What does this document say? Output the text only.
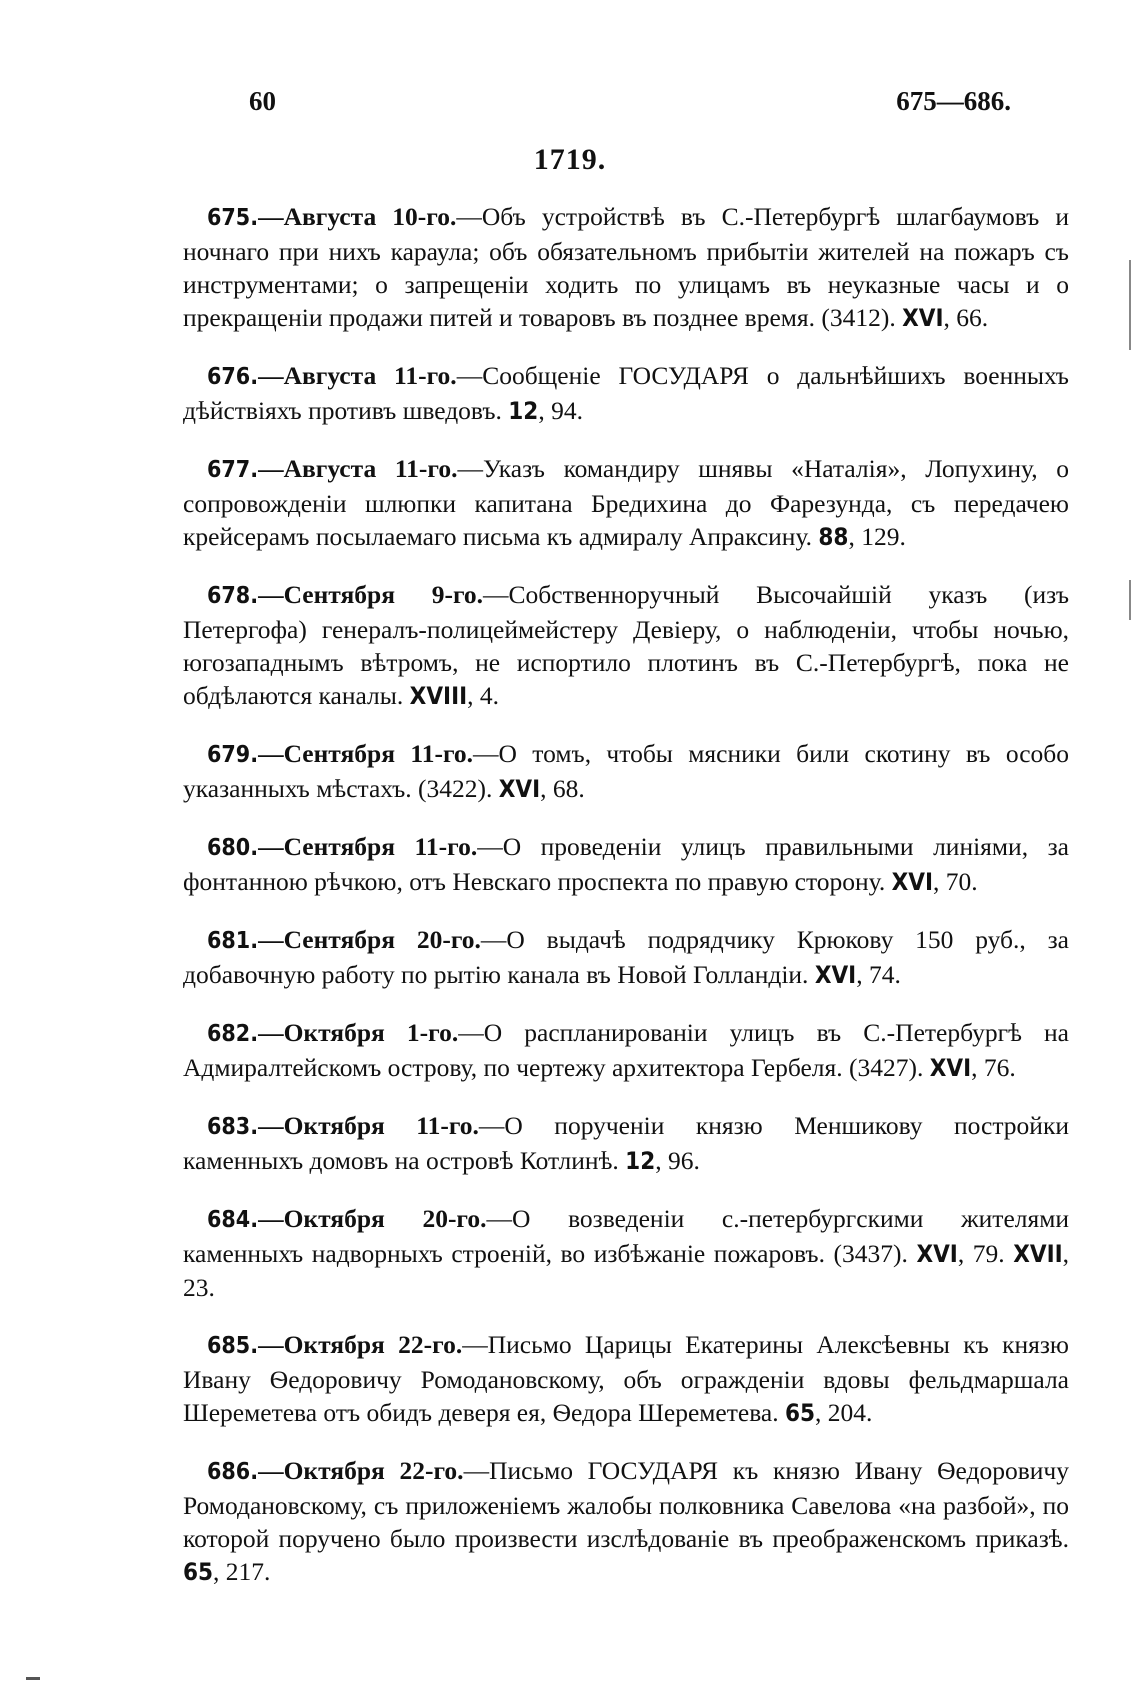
60	675—686.
1719.

675.—Августа 10-го.—Объ устройствѣ въ С.-Петербургѣ шлагбаумовъ и ночнаго при нихъ караула; объ обязательномъ прибытіи жителей на пожаръ съ инструментами; о запрещеніи ходить по улицамъ въ неуказные часы и о прекращеніи продажи питей и товаровъ въ позднее время. (3412). XVI, 66.

676.—Августа 11-го.—Сообщеніе ГОСУДАРЯ о дальнѣйшихъ военныхъ дѣйствіяхъ противъ шведовъ. 12, 94.

677.—Августа 11-го.—Указъ командиру шнявы «Наталія», Лопухину, о сопровожденіи шлюпки капитана Бредихина до Фарезунда, съ передачею крейсерамъ посылаемаго письма къ адмиралу Апраксину. 88, 129.

678.—Сентября 9-го.—Собственноручный Высочайшій указъ (изъ Петергофа) генералъ-полицеймейстеру Девіеру, о наблюденіи, чтобы ночью, югозападнымъ вѣтромъ, не испортило плотинъ въ С.-Петербургѣ, пока не обдѣлаются каналы. XVIII, 4.

679.—Сентября 11-го.—О томъ, чтобы мясники били скотину въ особо указанныхъ мѣстахъ. (3422). XVI, 68.

680.—Сентября 11-го.—О проведеніи улицъ правильными линіями, за фонтанною рѣчкою, отъ Невскаго проспекта по правую сторону. XVI, 70.

681.—Сентября 20-го.—О выдачѣ подрядчику Крюкову 150 руб., за добавочную работу по рытію канала въ Новой Голландіи. XVI, 74.

682.—Октября 1-го.—О распланированіи улицъ въ С.-Петербургѣ на Адмиралтейскомъ острову, по чертежу архитектора Гербеля. (3427). XVI, 76.

683.—Октября 11-го.—О порученіи князю Меншикову постройки каменныхъ домовъ на островѣ Котлинѣ. 12, 96.

684.—Октября 20-го.—О возведеніи с.-петербургскими жителями каменныхъ надворныхъ строеній, во избѣжаніе пожаровъ. (3437). XVI, 79. XVII, 23.

685.—Октября 22-го.—Письмо Царицы Екатерины Алексѣевны къ князю Ивану Ѳедоровичу Ромодановскому, объ огражденіи вдовы фельдмаршала Шереметева отъ обидъ деверя ея, Ѳедора Шереметева. 65, 204.

686.—Октября 22-го.—Письмо ГОСУДАРЯ къ князю Ивану Ѳедоровичу Ромодановскому, съ приложеніемъ жалобы полковника Савелова «на разбой», по которой поручено было произвести изслѣдованіе въ преображенскомъ приказѣ. 65, 217.
